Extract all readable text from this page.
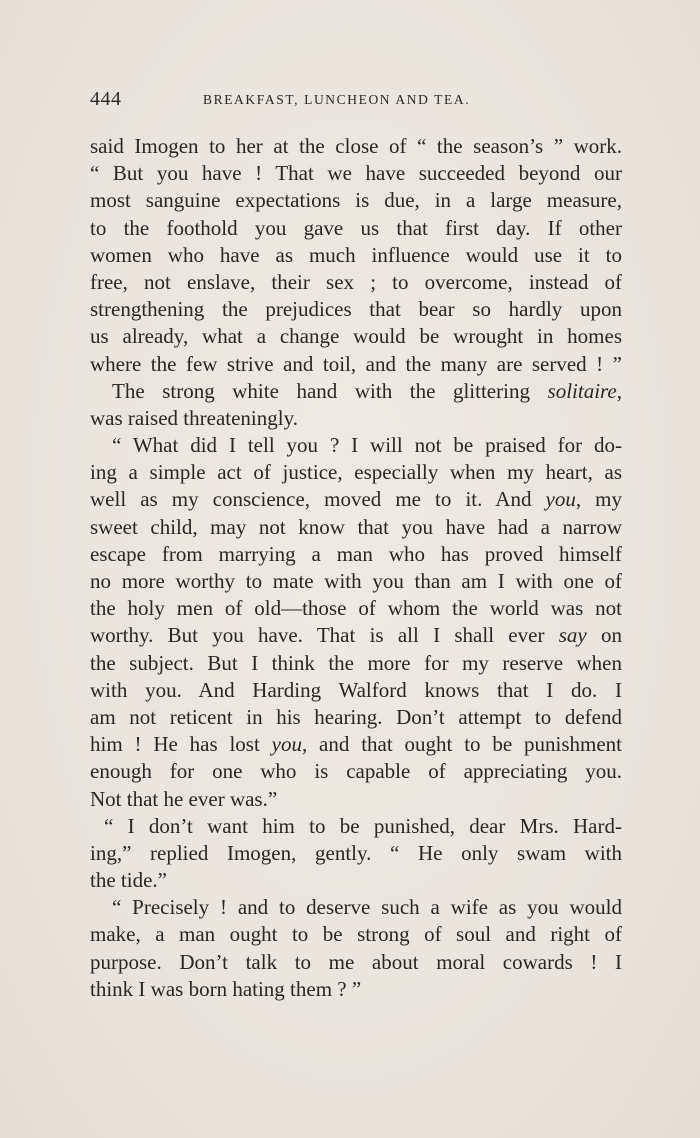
444	BREAKFAST, LUNCHEON AND TEA.
said Imogen to her at the close of “ the season’s ” work.
“ But you have ! That we have succeeded beyond our
most sanguine expectations is due, in a large measure,
to the foothold you gave us that first day. If other
women who have as much influence would use it to
free, not enslave, their sex ; to overcome, instead of
strengthening the prejudices that bear so hardly upon
us already, what a change would be wrought in homes
where the few strive and toil, and the many are served ! ”
The strong white hand with the glittering solitaire,
was raised threateningly.
“ What did I tell you ? I will not be praised for do-
ing a simple act of justice, especially when my heart, as
well as my conscience, moved me to it. And you, my
sweet child, may not know that you have had a narrow
escape from marrying a man who has proved himself
no more worthy to mate with you than am I with one of
the holy men of old—those of whom the world was not
worthy. But you have. That is all I shall ever say on
the subject. But I think the more for my reserve when
with you. And Harding Walford knows that I do. I
am not reticent in his hearing. Don’t attempt to defend
him ! He has lost you, and that ought to be punishment
enough for one who is capable of appreciating you.
Not that he ever was.”
“ I don’t want him to be punished, dear Mrs. Hard-
ing,” replied Imogen, gently. “ He only swam with
the tide.”
“ Precisely ! and to deserve such a wife as you would
make, a man ought to be strong of soul and right of
purpose. Don’t talk to me about moral cowards ! I
think I was born hating them ? ”
